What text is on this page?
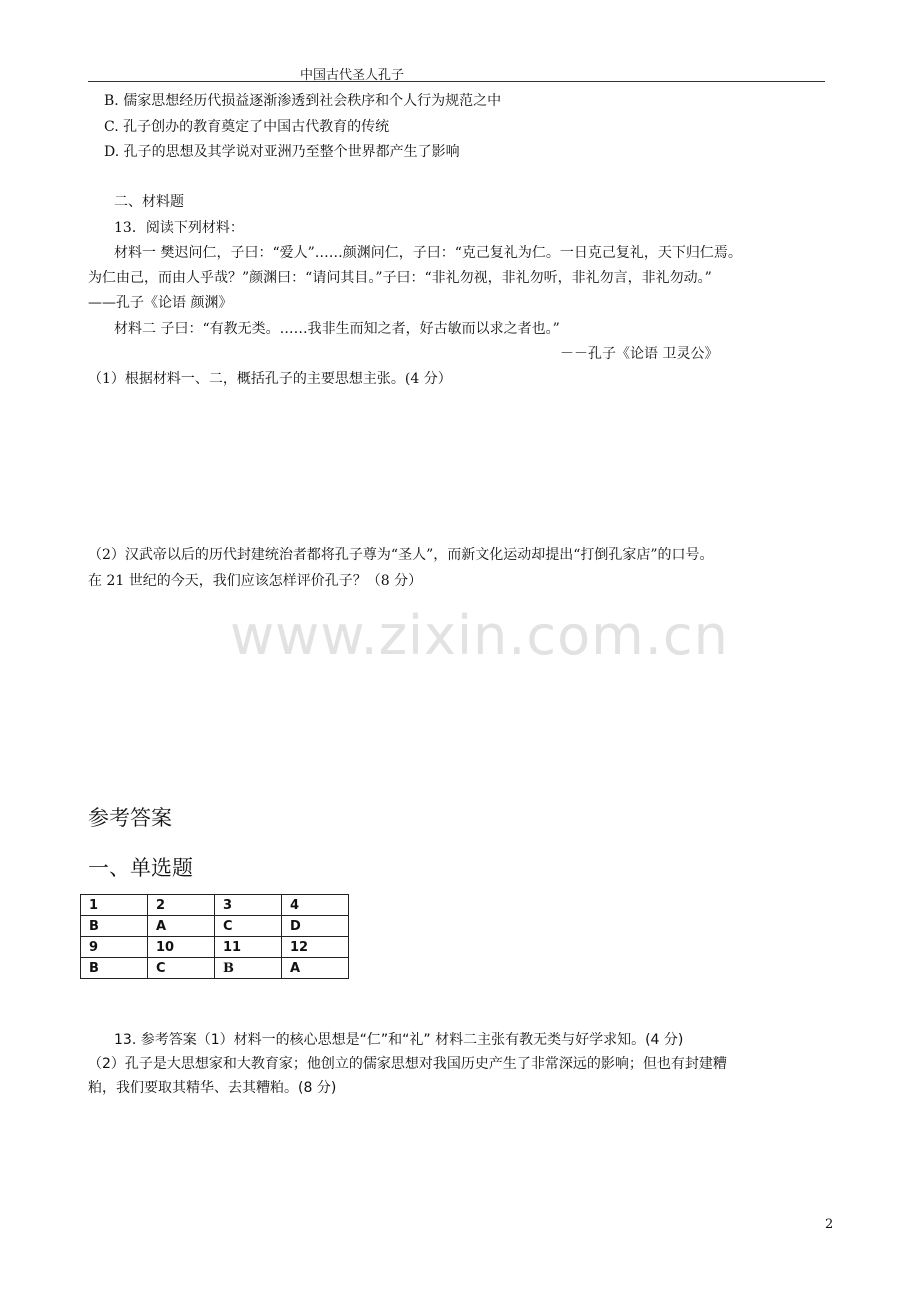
中国古代圣人孔子
B. 儒家思想经历代损益逐渐渗透到社会秩序和个人行为规范之中
C. 孔子创办的教育奠定了中国古代教育的传统
D. 孔子的思想及其学说对亚洲乃至整个世界都产生了影响
二、材料题
13．阅读下列材料：
材料一 樊迟问仁，子曰：“爱人”……颜渊问仁，子曰：“克己复礼为仁。一日克己复礼，天下归仁焉。
为仁由己，而由人乎哉？”颜渊曰：“请问其目。”子曰：“非礼勿视，非礼勿听，非礼勿言，非礼勿动。”
——孔子《论语 颜渊》
材料二 子曰：“有教无类。……我非生而知之者，好古敏而以求之者也。”
－－孔子《论语 卫灵公》
（1）根据材料一、二，概括孔子的主要思想主张。(4 分）
（2）汉武帝以后的历代封建统治者都将孔子尊为“圣人”，而新文化运动却提出“打倒孔家店”的口号。
在 21 世纪的今天，我们应该怎样评价孔子？（8 分）
www.zixin.com.cn
参考答案
一、单选题
1	2	3	4
B	A	C	D
9	10	11	12
B	C	B	A
13. 参考答案（1）材料一的核心思想是“仁”和“礼” 材料二主张有教无类与好学求知。(4 分)
（2）孔子是大思想家和大教育家；他创立的儒家思想对我国历史产生了非常深远的影响；但也有封建糟
粕，我们要取其精华、去其糟粕。(8 分)
2
